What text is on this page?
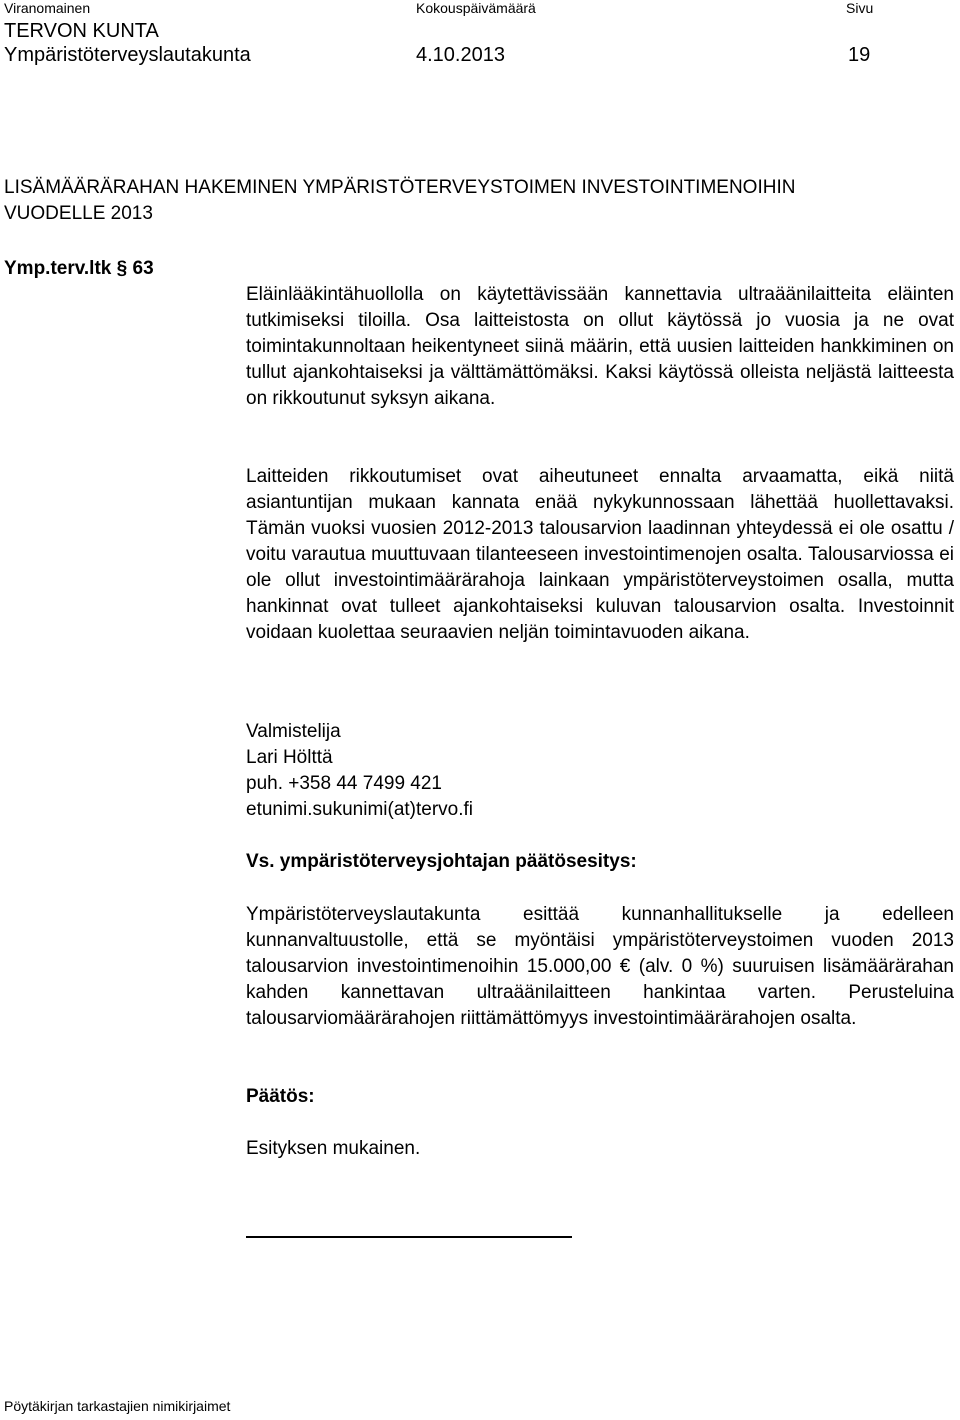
Viranomainen	Kokouspäivämäärä	Sivu
TERVON KUNTA
Ympäristöterveyslautakunta	4.10.2013	19
LISÄMÄÄRÄRAHAN HAKEMINEN YMPÄRISTÖTERVEYSTOIMEN INVESTOINTIMENOIHIN
VUODELLE 2013
Ymp.terv.ltk § 63

Eläinlääkintähuollolla on käytettävissään kannettavia ultraäänilaitteita eläinten tutkimiseksi tiloilla. Osa laitteistosta on ollut käytössä jo vuosia ja ne ovat toimintakunnoltaan heikentyneet siinä määrin, että uusien laitteiden hankkiminen on tullut ajankohtaiseksi ja välttämättömäksi. Kaksi käytössä olleista neljästä laitteesta on rikkoutunut syksyn aikana.

Laitteiden rikkoutumiset ovat aiheutuneet ennalta arvaamatta, eikä niitä asiantuntijan mukaan kannata enää nykykunnossaan lähettää huollettavaksi. Tämän vuoksi vuosien 2012-2013 talousarvion laadinnan yhteydessä ei ole osattu / voitu varautua muuttuvaan tilanteeseen investointimenojen osalta. Talousarviossa ei ole ollut investointimäärärahoja lainkaan ympäristöterveystoimen osalla, mutta hankinnat ovat tulleet ajankohtaiseksi kuluvan talousarvion osalta. Investoinnit voidaan kuolettaa seuraavien neljän toimintavuoden aikana.

Valmistelija
Lari Hölttä
puh. +358 44 7499 421
etunimi.sukunimi(at)tervo.fi
Vs. ympäristöterveysjohtajan päätösesitys:

Ympäristöterveyslautakunta esittää kunnanhallitukselle ja edelleen kunnanvaltuustolle, että se myöntäisi ympäristöterveystoimen vuoden 2013 talousarvion investointimenoihin 15.000,00 € (alv. 0 %) suuruisen lisämäärärahan kahden kannettavan ultraäänilaitteen hankintaa varten. Perusteluina talousarviomäärärahojen riittämättömyys investointimäärärahojen osalta.

Päätös:
Esityksen mukainen.
Pöytäkirjan tarkastajien nimikirjaimet
